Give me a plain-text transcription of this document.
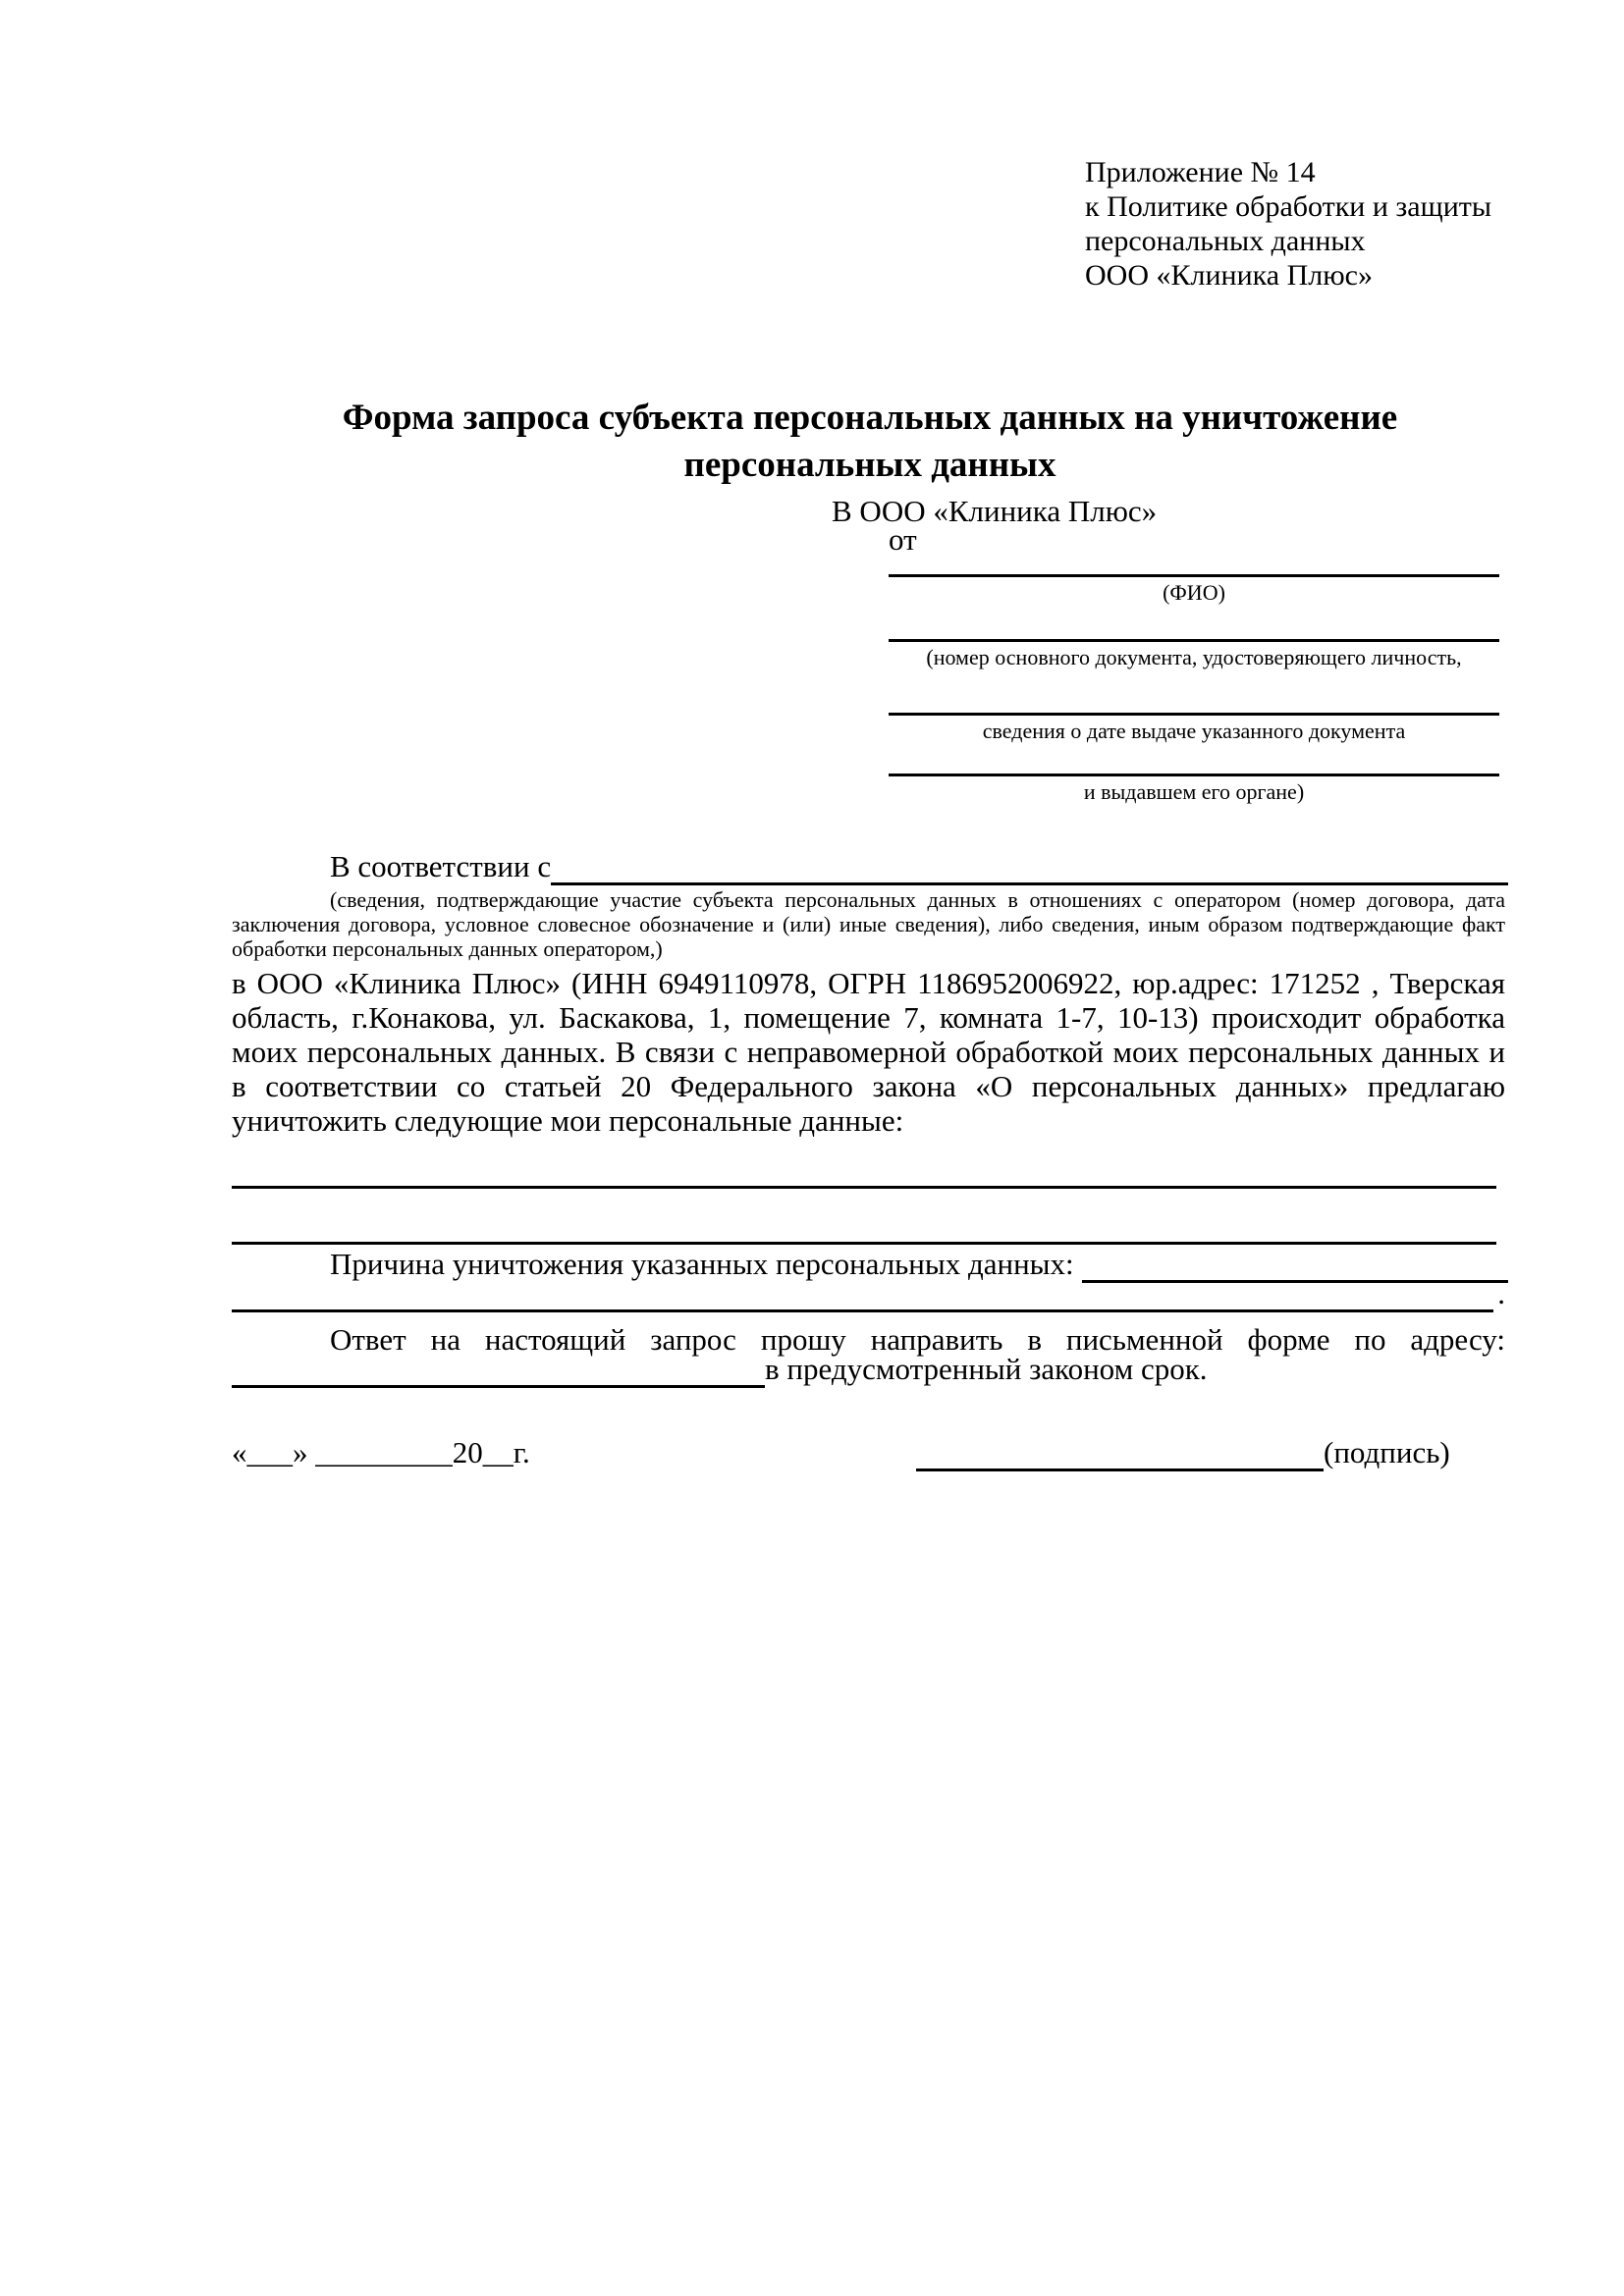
Приложение № 14
к Политике обработки и защиты
персональных данных
ООО «Клиника Плюс»
Форма запроса субъекта персональных данных на уничтожение
персональных данных
В ООО «Клиника Плюс»
от
(ФИО)
(номер основного документа, удостоверяющего личность,
сведения о дате выдаче указанного документа
и выдавшем его органе)
В соответствии с
(сведения, подтверждающие участие субъекта персональных данных в отношениях с оператором (номер договора, дата заключения договора, условное словесное обозначение и (или) иные сведения), либо сведения, иным образом подтверждающие факт обработки персональных данных оператором,)
в ООО «Клиника Плюс» (ИНН 6949110978, ОГРН 1186952006922, юр.адрес: 171252 , Тверская область, г.Конакова, ул. Баскакова, 1, помещение 7, комната 1-7, 10-13) происходит обработка моих персональных данных. В связи с неправомерной обработкой моих персональных данных и в соответствии со статьей 20 Федерального закона «О персональных данных» предлагаю уничтожить следующие мои персональные данные:
Причина уничтожения указанных персональных данных:
.
Ответ на настоящий запрос прошу направить в письменной форме по адресу:
в предусмотренный законом срок.
«___» _________20__г.	(подпись)
